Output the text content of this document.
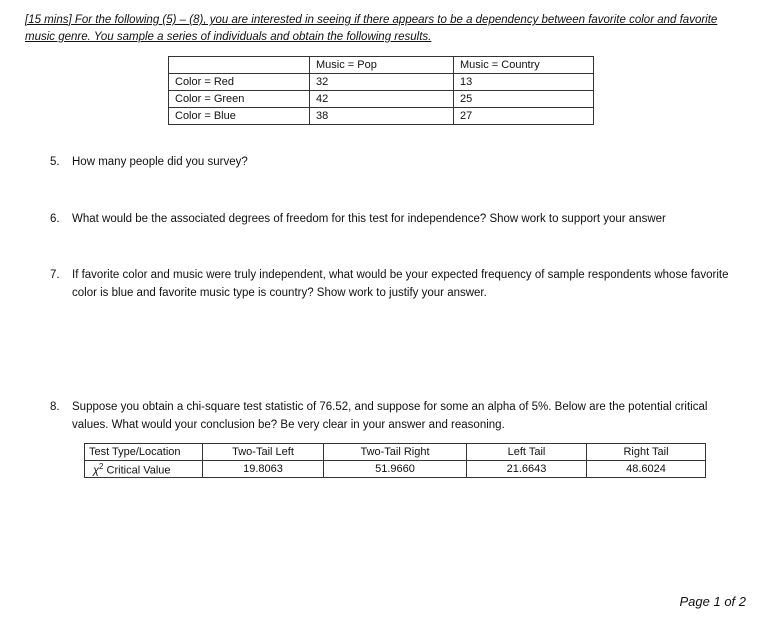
[15 mins] For the following (5) – (8), you are interested in seeing if there appears to be a dependency between favorite color and favorite music genre. You sample a series of individuals and obtain the following results.
	Music = Pop	Music = Country
Color = Red	32	13
Color = Green	42	25
Color = Blue	38	27
5. How many people did you survey?
6. What would be the associated degrees of freedom for this test for independence? Show work to support your answer
7. If favorite color and music were truly independent, what would be your expected frequency of sample respondents whose favorite color is blue and favorite music type is country? Show work to justify your answer.
8. Suppose you obtain a chi-square test statistic of 76.52, and suppose for some an alpha of 5%. Below are the potential critical values. What would your conclusion be? Be very clear in your answer and reasoning.
Test Type/Location	Two-Tail Left	Two-Tail Right	Left Tail	Right Tail
$\chi^2$ Critical Value	19.8063	51.9660	21.6643	48.6024
Page 1 of 2
